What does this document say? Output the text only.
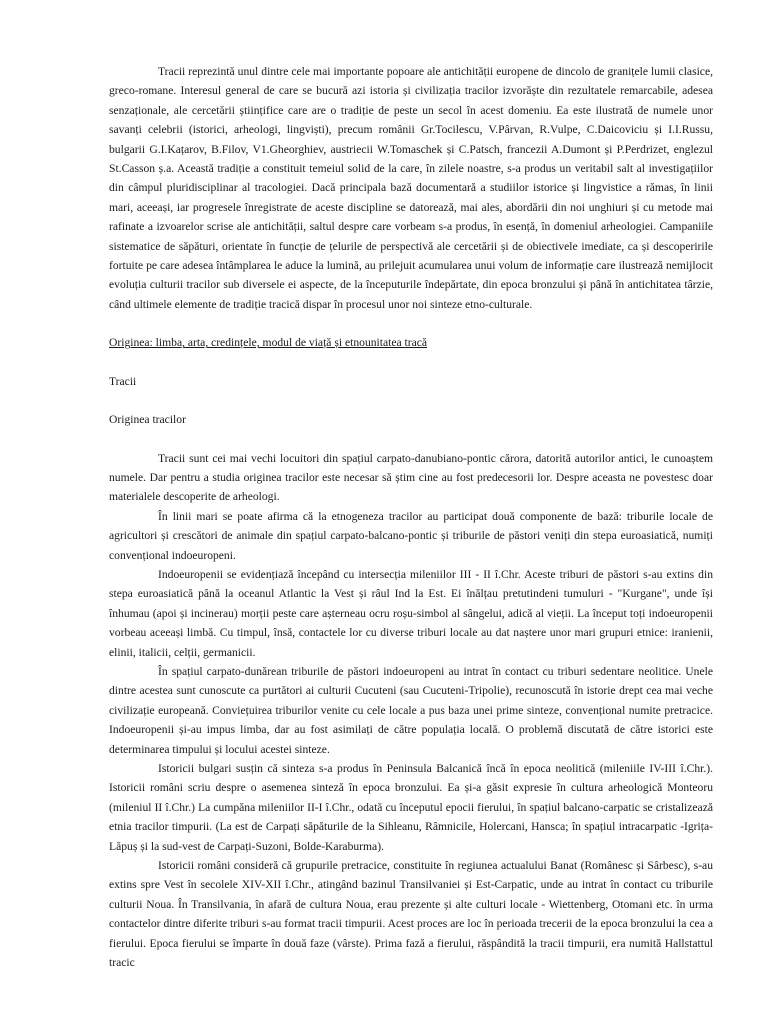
Tracii reprezintă unul dintre cele mai importante popoare ale antichității europene de dincolo de granițele lumii clasice, greco-romane. Interesul general de care se bucură azi istoria și civilizația tracilor izvorăște din rezultatele remarcabile, adesea senzaționale, ale cercetării științifice care are o tradiție de peste un secol în acest domeniu. Ea este ilustrată de numele unor savanți celebrii (istorici, arheologi, lingviști), precum românii Gr.Tocilescu, V.Pârvan, R.Vulpe, C.Daicoviciu și I.I.Russu, bulgarii G.I.Kațarov, B.Filov, V1.Gheorghiev, austriecii W.Tomaschek și C.Patsch, francezii A.Dumont și P.Perdrizet, englezul St.Casson ș.a. Această tradiție a constituit temeiul solid de la care, în zilele noastre, s-a produs un veritabil salt al investigațiilor din câmpul pluridisciplinar al tracologiei. Dacă principala bază documentară a studiilor istorice și lingvistice a rămas, în linii mari, aceeași, iar progresele înregistrate de aceste discipline se datorează, mai ales, abordării din noi unghiuri și cu metode mai rafinate a izvoarelor scrise ale antichității, saltul despre care vorbeam s-a produs, în esență, în domeniul arheologiei. Campaniile sistematice de săpături, orientate în funcție de țelurile de perspectivă ale cercetării și de obiectivele imediate, ca și descoperirile fortuite pe care adesea întâmplarea le aduce la lumină, au prilejuit acumularea unui volum de informație care ilustrează nemijlocit evoluția culturii tracilor sub diversele ei aspecte, de la începuturile îndepărtate, din epoca bronzului și până în antichitatea târzie, când ultimele elemente de tradiție tracică dispar în procesul unor noi sinteze etno-culturale.

Originea: limba, arta, credințele, modul de viață și etnounitatea tracă

Tracii

Originea tracilor

Tracii sunt cei mai vechi locuitori din spațiul carpato-danubiano-pontic cărora, datorită autorilor antici, le cunoaștem numele. Dar pentru a studia originea tracilor este necesar să știm cine au fost predecesorii lor. Despre aceasta ne povestesc doar materialele descoperite de arheologi.

În linii mari se poate afirma că la etnogeneza tracilor au participat două componente de bază: triburile locale de agricultori și crescători de animale din spațiul carpato-balcano-pontic și triburile de păstori veniți din stepa euroasiatică, numiți convențional indoeuropeni.

Indoeuropenii se evidențiază începând cu intersecția mileniilor III - II î.Chr. Aceste triburi de păstori s-au extins din stepa euroasiatică până la oceanul Atlantic la Vest și râul Ind la Est. Ei înălțau pretutindeni tumuluri - "Kurgane", unde își înhumau (apoi și incinerau) morții peste care așterneau ocru roșu-simbol al sângelui, adică al vieții. La început toți indoeuropenii vorbeau aceeași limbă. Cu timpul, însă, contactele lor cu diverse triburi locale au dat naștere unor mari grupuri etnice: iranienii, elinii, italicii, celții, germanicii.

În spațiul carpato-dunărean triburile de păstori indoeuropeni au intrat în contact cu triburi sedentare neolitice. Unele dintre acestea sunt cunoscute ca purtători ai culturii Cucuteni (sau Cucuteni-Tripolie), recunoscută în istorie drept cea mai veche civilizație europeană. Conviețuirea triburilor venite cu cele locale a pus baza unei prime sinteze, convențional numite pretracice. Indoeuropenii și-au impus limba, dar au fost asimilați de către populația locală. O problemă discutată de către istorici este determinarea timpului și locului acestei sinteze.

Istoricii bulgari susțin că sinteza s-a produs în Peninsula Balcanică încă în epoca neolitică (mileniile IV-III î.Chr.). Istoricii români scriu despre o asemenea sinteză în epoca bronzului. Ea și-a găsit expresie în cultura arheologică Monteoru (mileniul II î.Chr.) La cumpăna mileniilor II-I î.Chr., odată cu începutul epocii fierului, în spațiul balcano-carpatic se cristalizează etnia tracilor timpurii. (La est de Carpați săpăturile de la Sihleanu, Râmnicile, Holercani, Hansca; în spațiul intracarpatic -Igrița-Lăpuș și la sud-vest de Carpați-Suzoni, Bolde-Karaburma).

Istoricii români consideră că grupurile pretracice, constituite în regiunea actualului Banat (Românesc și Sârbesc), s-au extins spre Vest în secolele XIV-XII î.Chr., atingând bazinul Transilvaniei și Est-Carpatic, unde au intrat în contact cu triburile culturii Noua. În Transilvania, în afară de cultura Noua, erau prezente și alte culturi locale - Wiettenberg, Otomani etc. în urma contactelor dintre diferite triburi s-au format tracii timpurii. Acest proces are loc în perioada trecerii de la epoca bronzului la cea a fierului. Epoca fierului se împarte în două faze (vârste). Prima fază a fierului, răspândită la tracii timpurii, era numită Hallstattul tracic
